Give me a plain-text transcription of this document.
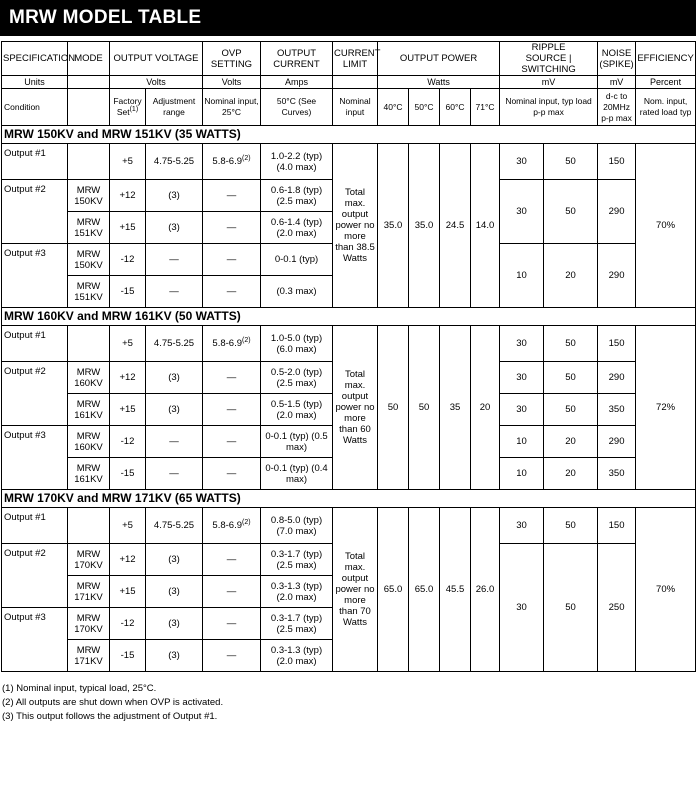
MRW MODEL TABLE
SPECIFICATION	MODE	OUTPUT VOLTAGE		OVP SETTING	OUTPUT CURRENT	CURRENT LIMIT	OUTPUT POWER				RIPPLE
SOURCE | SWITCHING		NOISE (SPIKE)	EFFICIENCY
Units		Volts		Volts	Amps		Watts				mV		mV	Percent
Condition		Factory Set$^{(1)}$	Adjustment range	Nominal input, 25°C	50°C (See Curves)	Nominal input	40°C	50°C	60°C	71°C	Nominal input, typ load p-p max		d-c to 20MHz p-p max	Nom. input, rated load typ
MRW 150KV and MRW 151KV (35 WATTS)														
Output #1		+5	4.75-5.25	5.8-6.9$^{(2)}$	1.0-2.2 (typ) (4.0 max)	Total max. output power no more than 38.5 Watts	35.0	35.0	24.5	14.0	30	50	150	70%
Output #2	MRW 150KV	+12	(3)	—	0.6-1.8 (typ) (2.5 max)						30	50	290	
	MRW 151KV	+15	(3)	—	0.6-1.4 (typ) (2.0 max)									
Output #3	MRW 150KV	-12	—	—	0-0.1 (typ)						10	20	290	
	MRW 151KV	-15	—	—	(0.3 max)									
MRW 160KV and MRW 161KV (50 WATTS)														
Output #1		+5	4.75-5.25	5.8-6.9$^{(2)}$	1.0-5.0 (typ) (6.0 max)	Total max. output power no more than 60 Watts	50	50	35	20	30	50	150	72%
Output #2	MRW 160KV	+12	(3)	—	0.5-2.0 (typ) (2.5 max)						30	50	290	
	MRW 161KV	+15	(3)	—	0.5-1.5 (typ) (2.0 max)						30	50	350	
Output #3	MRW 160KV	-12	—	—	0-0.1 (typ) (0.5 max)						10	20	290	
	MRW 161KV	-15	—	—	0-0.1 (typ) (0.4 max)						10	20	350	
MRW 170KV and MRW 171KV (65 WATTS)														
Output #1		+5	4.75-5.25	5.8-6.9$^{(2)}$	0.8-5.0 (typ) (7.0 max)	Total max. output power no more than 70 Watts	65.0	65.0	45.5	26.0	30	50	150	70%
Output #2	MRW 170KV	+12	(3)	—	0.3-1.7 (typ) (2.5 max)						30	50	250	
	MRW 171KV	+15	(3)	—	0.3-1.3 (typ) (2.0 max)									
Output #3	MRW 170KV	-12	(3)	—	0.3-1.7 (typ) (2.5 max)									
	MRW 171KV	-15	(3)	—	0.3-1.3 (typ) (2.0 max)									
(1) Nominal input, typical load, 25°C.
(2) All outputs are shut down when OVP is activated.
(3) This output follows the adjustment of Output #1.
